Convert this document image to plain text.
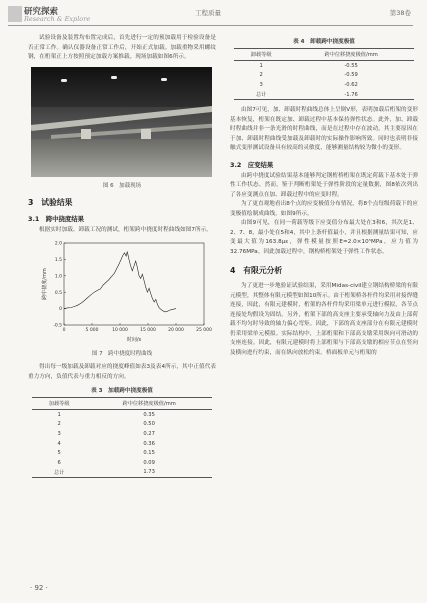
研究探索
Research & Explore
工程质量	第38卷

试验设备及装置均布置完成后，首先进行一定的预加载用于检验设备是否正常工作。确认仪器设备正常工作后，开始正式加载。加载重物采用螺纹钢，在桁架正上方按照预定加载方案推载。现场加载如图6所示。

图 6　加载现场
3　试验结果
3.1　跨中挠度结果

根据实时加载、卸载工况的测试，桁架跨中挠度时程曲线如图7所示。

0	5 000	10 000	15 000	20 000	25 000
-0.5
0
0.5
1.0
1.5
2.0
时间/s
跨中挠度/mm
图 7　跨中挠度时程曲线

得出每一级加载及卸载对应的挠度峰值如表3及表4所示，其中正值代表重力方向，负值代表与重力相反的方向。

表 3　加载跨中挠度极值
加载等级	跨中位移挠度极值/mm
1	0.35
2	0.50
3	0.27
4	0.36
5	0.15
6	0.09
总计	1.73
表 4　卸载跨中挠度极值
卸载等级	跨中位移挠度极值/mm
1	-0.55
2	-0.59
3	-0.62
总计	-1.76

由图7可见，加、卸载时程曲线总体上呈倒V形，表明加载后桁架的变形基本恢复，桁架在既定加、卸载过程中基本保持弹性状态。此外，加、卸载时程曲线并非一条光滑的时程曲线，而是在过程中存在波动，其主要原因在于加、卸载时程曲线受加载及卸载时的实际操作影响所致。同时也表明非接触式变形测试设备具有较高的灵敏度，能够测量结构较为微小的变形。

3.2　应变结果

由跨中挠度试验结果基本能够判定钢桁桥桁架在既定荷载下基本处于弹性工作状态。然而，鉴于判断桁架处于弹性阶段的定量数据，图8依次列出了各应变测点在加、卸载过程中的应变时程。

为了更直观地看出8个点的应变极值分布情况，将8个点每级荷载下的应变极值绘制成曲线，如图9所示。

由图9可见，在同一荷载等级下应变值分布最大处在3和6，其次是1、2、7、8，最小处在5和4，其中上条杆值最小，并且根据测量结果可知，应变最大值为163.8με，弹性模量按照E=2.0×10⁵MPa，应力值为32.76MPa。因此加载过程中，钢构桥桁架处于弹性工作状态。

4　有限元分析

为了更进一步地验证试验结果，采用Midas-civil建立钢结构桥梁的有限元模型，其整体有限元模型如图10所示。由于桁架桥各杆件均采用对接焊缝连接，因此，有限元建模时，桁架的各杆件均采用梁单元进行模拟，各节点连接处均假设为固结。另外，桁架下部的高支座主要承受轴向力及由上部荷载不均匀时导致的轴力偏心弯矩。因此，下部的高支座部分在有限元建模时仍采用梁单元模拟。实际结构中，上部桁架和下部高支墩采用纵向可滑动的支座连接。因此，有限元建模时将上部桁架与下部高支墩的相应节点在竖向及横向进行约束，而在纵向放松约束。桥面板单元与桁架的

· 92 ·
